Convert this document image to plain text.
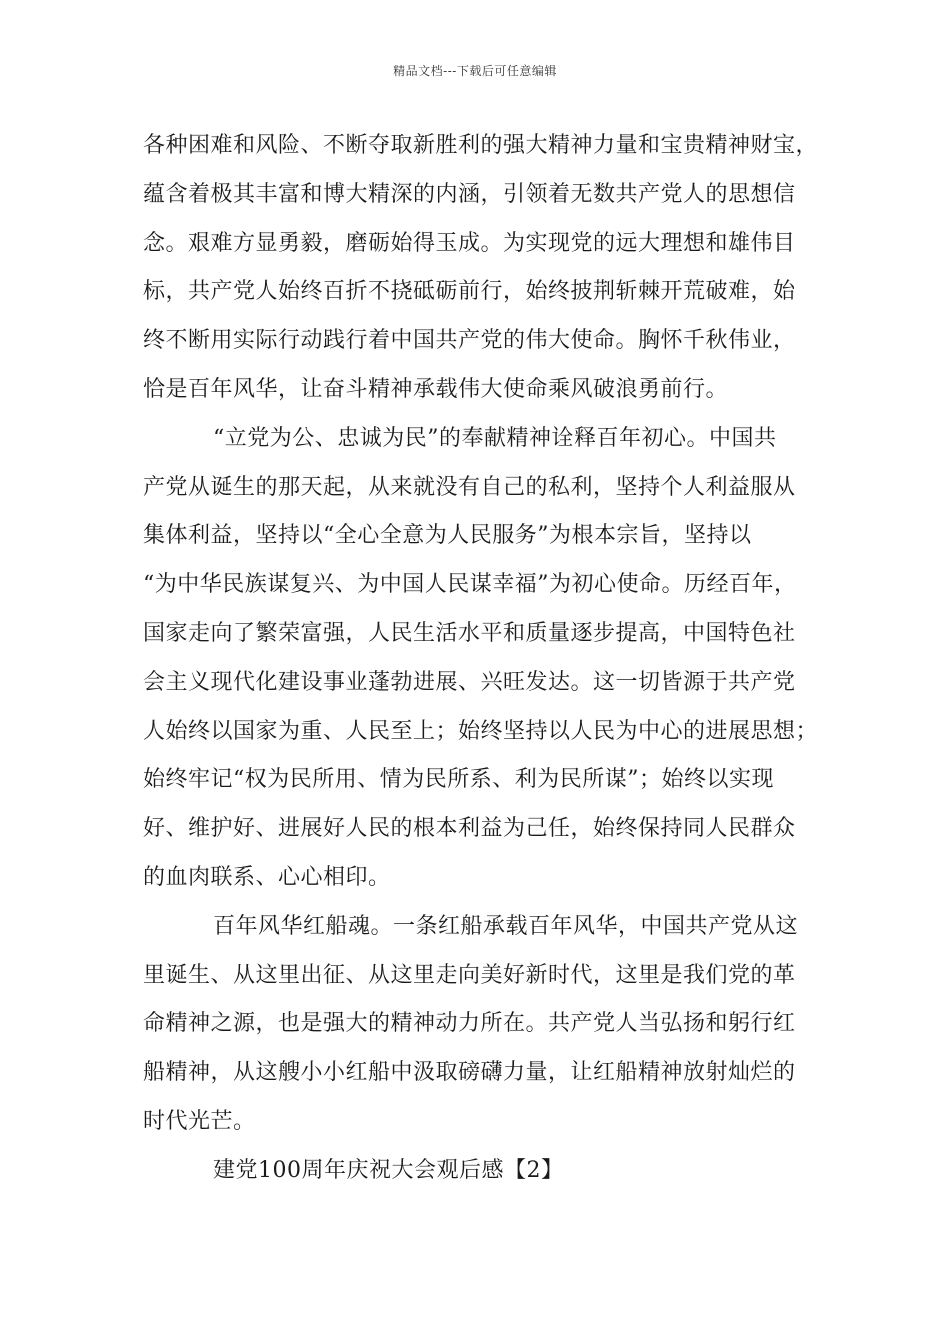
精品文档---下载后可任意编辑
各种困难和风险、不断夺取新胜利的强大精神力量和宝贵精神财宝，
蕴含着极其丰富和博大精深的内涵，引领着无数共产党人的思想信
念。艰难方显勇毅，磨砺始得玉成。为实现党的远大理想和雄伟目
标，共产党人始终百折不挠砥砺前行，始终披荆斩棘开荒破难，始
终不断用实际行动践行着中国共产党的伟大使命。胸怀千秋伟业，
恰是百年风华，让奋斗精神承载伟大使命乘风破浪勇前行。
“立党为公、忠诚为民”的奉献精神诠释百年初心。中国共
产党从诞生的那天起，从来就没有自己的私利，坚持个人利益服从
集体利益，坚持以“全心全意为人民服务”为根本宗旨，坚持以
“为中华民族谋复兴、为中国人民谋幸福”为初心使命。历经百年，
国家走向了繁荣富强，人民生活水平和质量逐步提高，中国特色社
会主义现代化建设事业蓬勃进展、兴旺发达。这一切皆源于共产党
人始终以国家为重、人民至上；始终坚持以人民为中心的进展思想；
始终牢记“权为民所用、情为民所系、利为民所谋”；始终以实现
好、维护好、进展好人民的根本利益为己任，始终保持同人民群众
的血肉联系、心心相印。
百年风华红船魂。一条红船承载百年风华，中国共产党从这
里诞生、从这里出征、从这里走向美好新时代，这里是我们党的革
命精神之源，也是强大的精神动力所在。共产党人当弘扬和躬行红
船精神，从这艘小小红船中汲取磅礴力量，让红船精神放射灿烂的
时代光芒。
建党100周年庆祝大会观后感【2】
